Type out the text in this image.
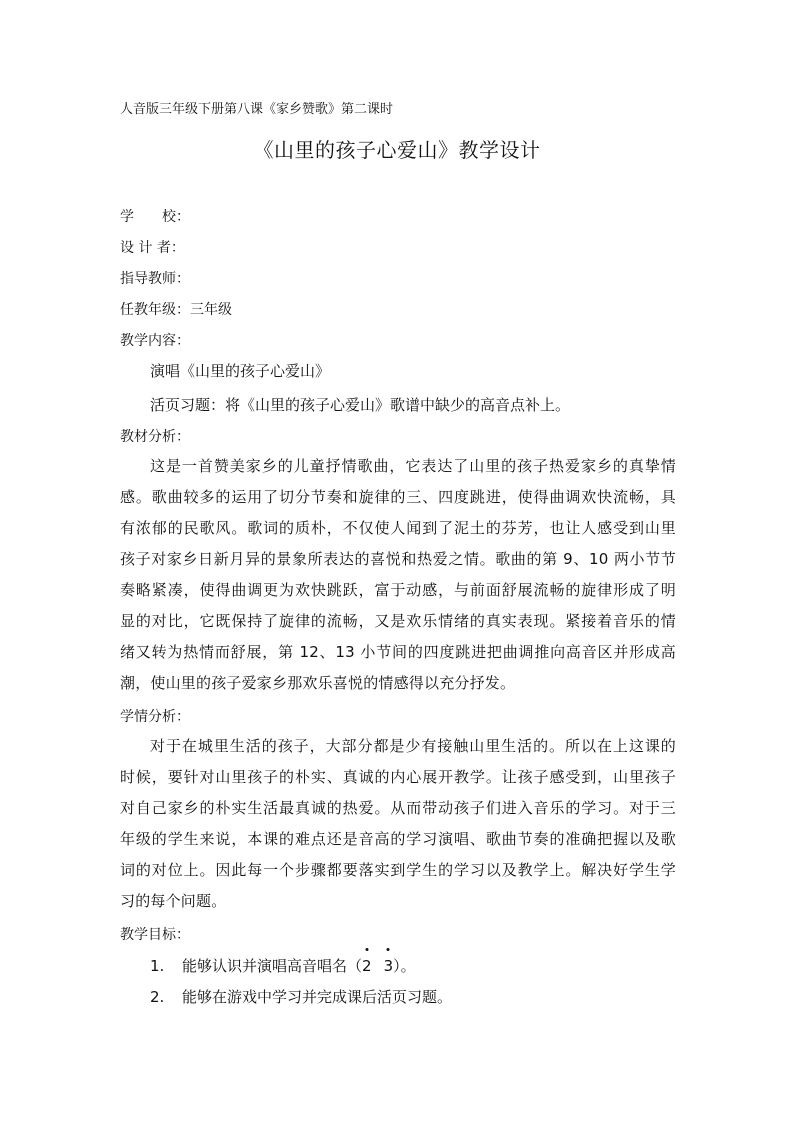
人音版三年级下册第八课《家乡赞歌》第二课时
《山里的孩子心爱山》教学设计
学　　校：
设 计 者：
指导教师：
任教年级：三年级
教学内容：
演唱《山里的孩子心爱山》
活页习题：将《山里的孩子心爱山》歌谱中缺少的高音点补上。
教材分析：
这是一首赞美家乡的儿童抒情歌曲，它表达了山里的孩子热爱家乡的真挚情
感。歌曲较多的运用了切分节奏和旋律的三、四度跳进，使得曲调欢快流畅，具
有浓郁的民歌风。歌词的质朴，不仅使人闻到了泥土的芬芳，也让人感受到山里
孩子对家乡日新月异的景象所表达的喜悦和热爱之情。歌曲的第 9、10 两小节节
奏略紧凑，使得曲调更为欢快跳跃，富于动感，与前面舒展流畅的旋律形成了明
显的对比，它既保持了旋律的流畅，又是欢乐情绪的真实表现。紧接着音乐的情
绪又转为热情而舒展，第 12、13 小节间的四度跳进把曲调推向高音区并形成高
潮，使山里的孩子爱家乡那欢乐喜悦的情感得以充分抒发。
学情分析：
对于在城里生活的孩子，大部分都是少有接触山里生活的。所以在上这课的
时候，要针对山里孩子的朴实、真诚的内心展开教学。让孩子感受到，山里孩子
对自己家乡的朴实生活最真诚的热爱。从而带动孩子们进入音乐的学习。对于三
年级的学生来说，本课的难点还是音高的学习演唱、歌曲节奏的准确把握以及歌
词的对位上。因此每一个步骤都要落实到学生的学习以及教学上。解决好学生学
习的每个问题。
教学目标：
1. 能够认识并演唱高音唱名（
2 3）。
2. 能够在游戏中学习并完成课后活页习题。
